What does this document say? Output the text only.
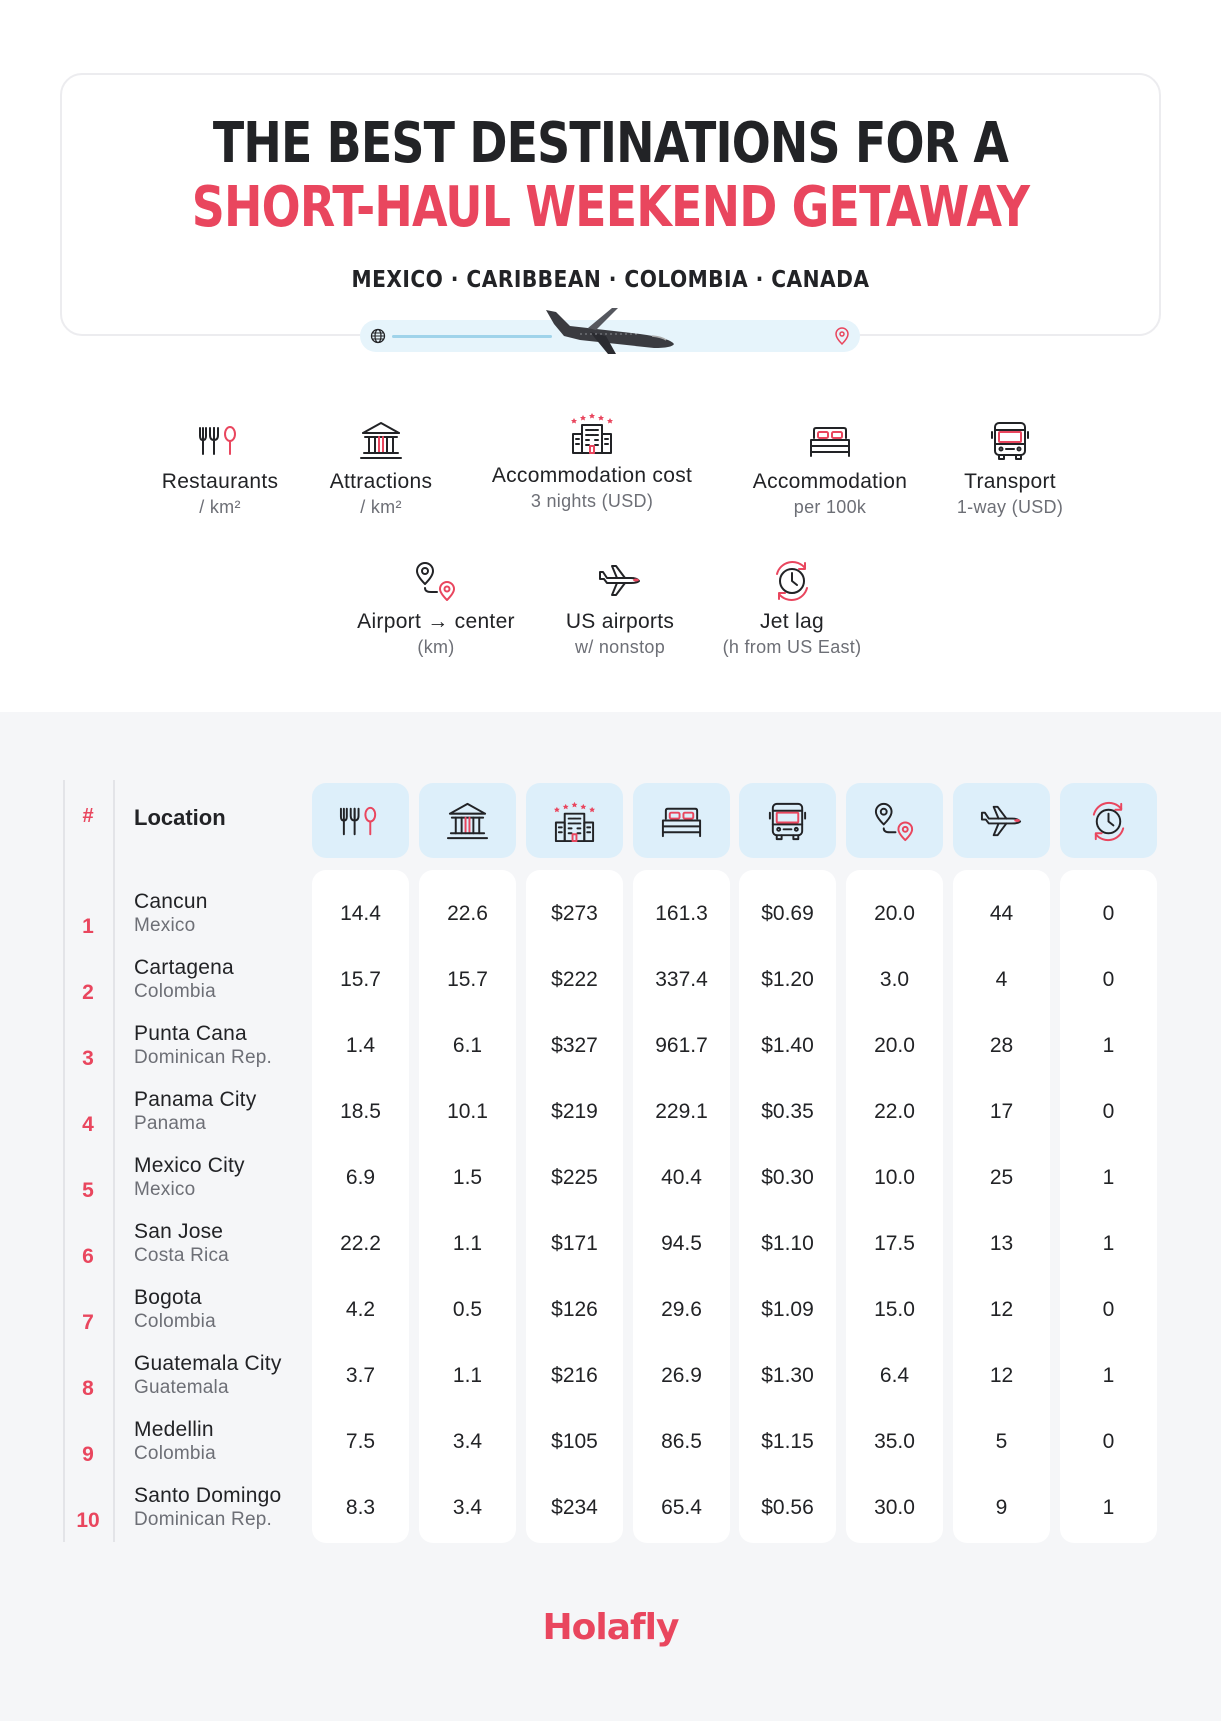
THE BEST DESTINATIONS FOR A
SHORT-HAUL WEEKEND GETAWAY
MEXICO · CARIBBEAN · COLOMBIA · CANADA
Restaurants
/ km²
Attractions
/ km²
Accommodation cost
3 nights (USD)
Accommodation
per 100k
Transport
1-way (USD)
Airport → center
(km)
US airports
w/ nonstop
Jet lag
(h from US East)
#	Location
Holafly
1
Cancun
Mexico
14.4	22.6	$273	161.3	$0.69	20.0	44	0
2
Cartagena
Colombia
15.7	15.7	$222	337.4	$1.20	3.0	4	0
3
Punta Cana
Dominican Rep.
1.4	6.1	$327	961.7	$1.40	20.0	28	1
4
Panama City
Panama
18.5	10.1	$219	229.1	$0.35	22.0	17	0
5
Mexico City
Mexico
6.9	1.5	$225	40.4	$0.30	10.0	25	1
6
San Jose
Costa Rica
22.2	1.1	$171	94.5	$1.10	17.5	13	1
7
Bogota
Colombia
4.2	0.5	$126	29.6	$1.09	15.0	12	0
8
Guatemala City
Guatemala
3.7	1.1	$216	26.9	$1.30	6.4	12	1
9
Medellin
Colombia
7.5	3.4	$105	86.5	$1.15	35.0	5	0
10
Santo Domingo
Dominican Rep.
8.3	3.4	$234	65.4	$0.56	30.0	9	1
